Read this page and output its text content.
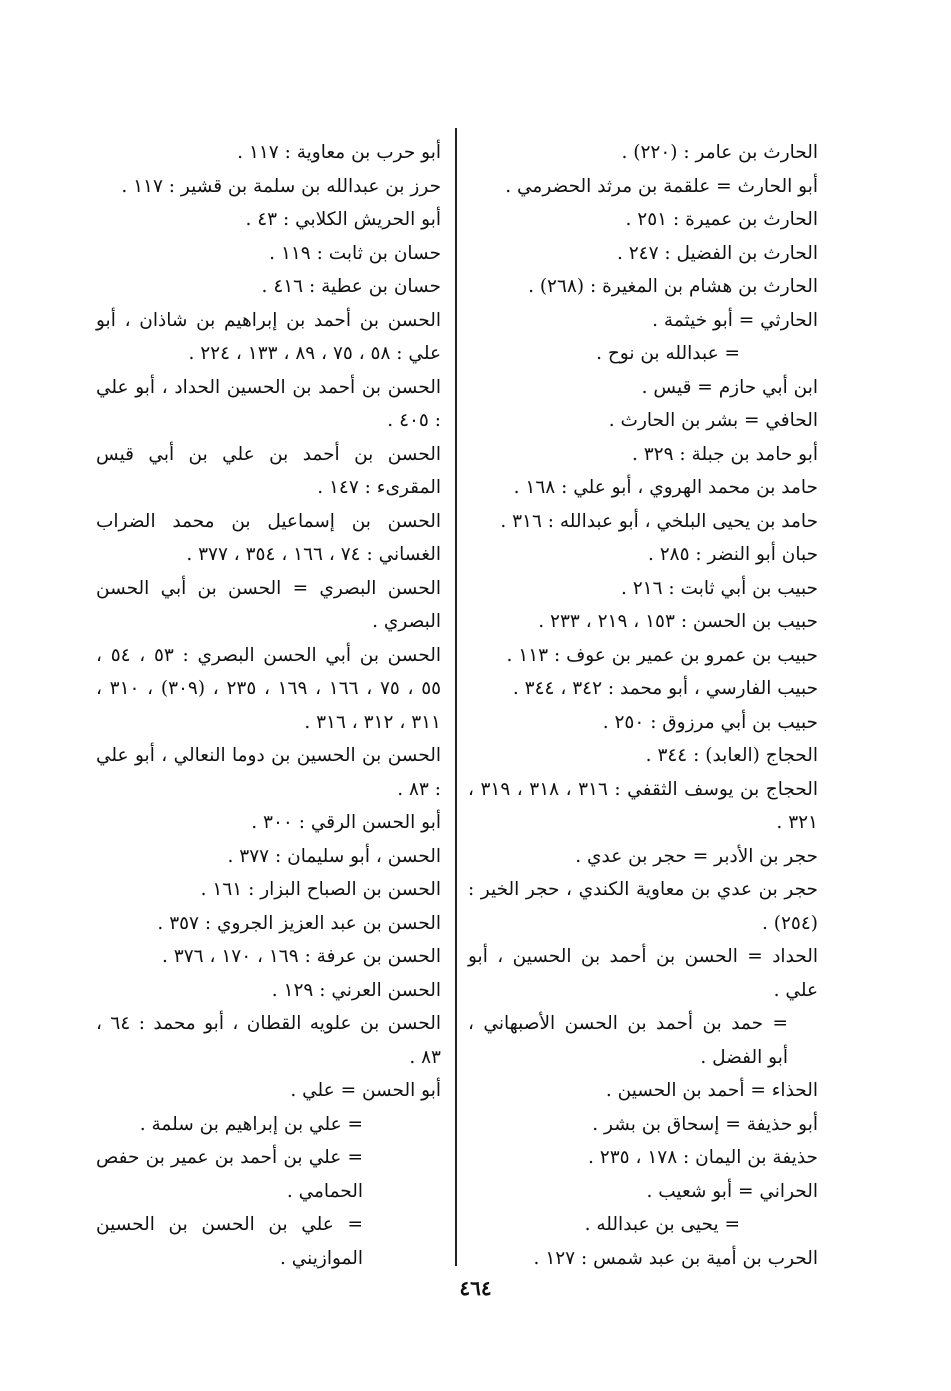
الحارث بن عامر : (٢٢٠) .
أبو الحارث = علقمة بن مرثد الحضرمي .
الحارث بن عميرة : ٢٥١ .
الحارث بن الفضيل : ٢٤٧ .
الحارث بن هشام بن المغيرة : (٢٦٨) .
الحارثي = أبو خيثمة .
= عبدالله بن نوح .
ابن أبي حازم = قيس .
الحافي = بشر بن الحارث .
أبو حامد بن جبلة : ٣٢٩ .
حامد بن محمد الهروي ، أبو علي : ١٦٨ .
حامد بن يحيى البلخي ، أبو عبدالله : ٣١٦ .
حبان أبو النضر : ٢٨٥ .
حبيب بن أبي ثابت : ٢١٦ .
حبيب بن الحسن : ١٥٣ ، ٢١٩ ، ٢٣٣ .
حبيب بن عمرو بن عمير بن عوف : ١١٣ .
حبيب الفارسي ، أبو محمد : ٣٤٢ ، ٣٤٤ .
حبيب بن أبي مرزوق : ٢٥٠ .
الحجاج (العابد) : ٣٤٤ .
الحجاج بن يوسف الثقفي : ٣١٦ ، ٣١٨ ، ٣١٩ ، ٣٢١ .
حجر بن الأدبر = حجر بن عدي .
حجر بن عدي بن معاوية الكندي ، حجر الخير : (٢٥٤) .
الحداد = الحسن بن أحمد بن الحسين ، أبو علي .
= حمد بن أحمد بن الحسن الأصبهاني ، أبو الفضل .
الحذاء = أحمد بن الحسين .
أبو حذيفة = إسحاق بن بشر .
حذيفة بن اليمان : ١٧٨ ، ٢٣٥ .
الحراني = أبو شعيب .
= يحيى بن عبدالله .
الحرب بن أمية بن عبد شمس : ١٢٧ .
أبو حرب بن معاوية : ١١٧ .
حرز بن عبدالله بن سلمة بن قشير : ١١٧ .
أبو الحريش الكلابي : ٤٣ .
حسان بن ثابت : ١١٩ .
حسان بن عطية : ٤١٦ .
الحسن بن أحمد بن إبراهيم بن شاذان ، أبو علي : ٥٨ ، ٧٥ ، ٨٩ ، ١٣٣ ، ٢٢٤ .
الحسن بن أحمد بن الحسين الحداد ، أبو علي : ٤٠٥ .
الحسن بن أحمد بن علي بن أبي قيس المقرىء : ١٤٧ .
الحسن بن إسماعيل بن محمد الضراب الغساني : ٧٤ ، ١٦٦ ، ٣٥٤ ، ٣٧٧ .
الحسن البصري = الحسن بن أبي الحسن البصري .
الحسن بن أبي الحسن البصري : ٥٣ ، ٥٤ ، ٥٥ ، ٧٥ ، ١٦٦ ، ١٦٩ ، ٢٣٥ ، (٣٠٩) ، ٣١٠ ، ٣١١ ، ٣١٢ ، ٣١٦ .
الحسن بن الحسين بن دوما النعالي ، أبو علي : ٨٣ .
أبو الحسن الرقي : ٣٠٠ .
الحسن ، أبو سليمان : ٣٧٧ .
الحسن بن الصباح البزار : ١٦١ .
الحسن بن عبد العزيز الجروي : ٣٥٧ .
الحسن بن عرفة : ١٦٩ ، ١٧٠ ، ٣٧٦ .
الحسن العرني : ١٢٩ .
الحسن بن علويه القطان ، أبو محمد : ٦٤ ، ٨٣ .
أبو الحسن = علي .
= علي بن إبراهيم بن سلمة .
= علي بن أحمد بن عمير بن حفص الحمامي .
= علي بن الحسن بن الحسين الموازيني .
٤٦٤
